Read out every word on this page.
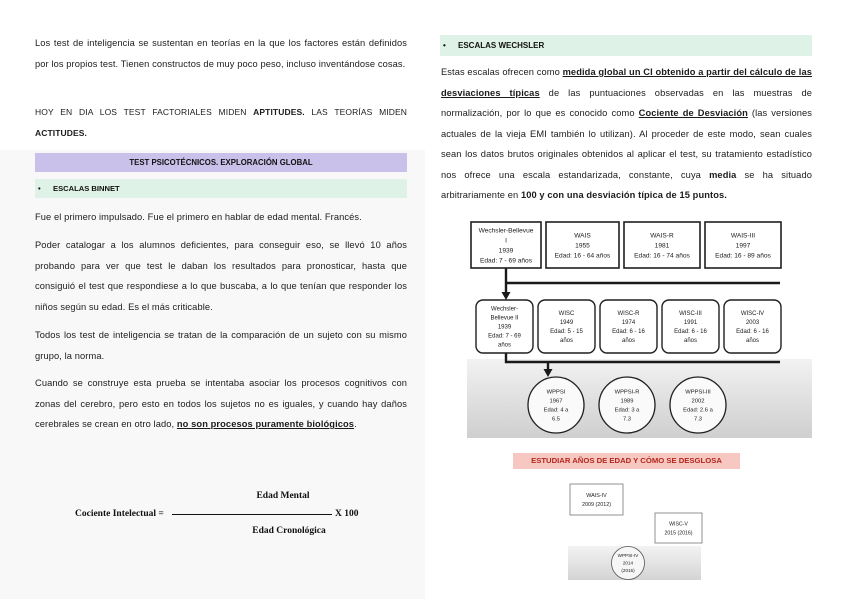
Los test de inteligencia se sustentan en teorías en la que los factores están definidos por los propios test. Tienen constructos de muy poco peso, incluso inventándose cosas.

HOY EN DIA LOS TEST FACTORIALES MIDEN APTITUDES. LAS TEORÍAS MIDEN ACTITUDES.

TEST PSICOTÉCNICOS. EXPLORACIÓN GLOBAL
• ESCALAS BINNET

Fue el primero impulsado. Fue el primero en hablar de edad mental. Francés.

Poder catalogar a los alumnos deficientes, para conseguir eso, se llevó 10 años probando para ver que test le daban los resultados para pronosticar, hasta que consiguió el test que respondiese a lo que buscaba, a lo que tenían que responder los niños según su edad. Es el más criticable.

Todos los test de inteligencia se tratan de la comparación de un sujeto con su mismo grupo, la norma.

Cuando se construye esta prueba se intentaba asociar los procesos cognitivos con zonas del cerebro, pero esto en todos los sujetos no es iguales, y cuando hay daños cerebrales se crean en otro lado, no son procesos puramente biológicos.

Edad Mental
Cociente Intelectual =	X 100
Edad Cronológica
• ESCALAS WECHSLER

Estas escalas ofrecen como medida global un CI obtenido a partir del cálculo de las desviaciones típicas de las puntuaciones observadas en las muestras de normalización, por lo que es conocido como Cociente de Desviación (las versiones actuales de la vieja EMI también lo utilizan). Al proceder de este modo, sean cuales sean los datos brutos originales obtenidos al aplicar el test, su tratamiento estadístico nos ofrece una escala estandarizada, constante, cuya media se ha situado arbitrariamente en 100 y con una desviación típica de 15 puntos.

Wechsler-Bellevue
I
1939
Edad: 7 - 69 años
WAIS
1955
Edad: 16 - 64 años
WAIS-R
1981
Edad: 16 - 74 años
WAIS-III
1997
Edad: 16 - 89 años
Wechsler-
Bellevue II
1939
Edad: 7 - 69
años
WISC
1949
Edad: 5 - 15
años
WISC-R
1974
Edad: 6 - 16
años
WISC-III
1991
Edad: 6 - 16
años
WISC-IV
2003
Edad: 6 - 16
años
WPPSI
1967
Edad: 4 a
6.5
WPPSI-R
1989
Edad: 3 a
7.3
WPPSI-III
2002
Edad: 2.6 a
7.3
ESTUDIAR AÑOS DE EDAD Y CÓMO SE DESGLOSA
WAIS-IV
2009 (2012)
WISC-V
2015 (2016)
WPPSI-IV
2014
(2015)
